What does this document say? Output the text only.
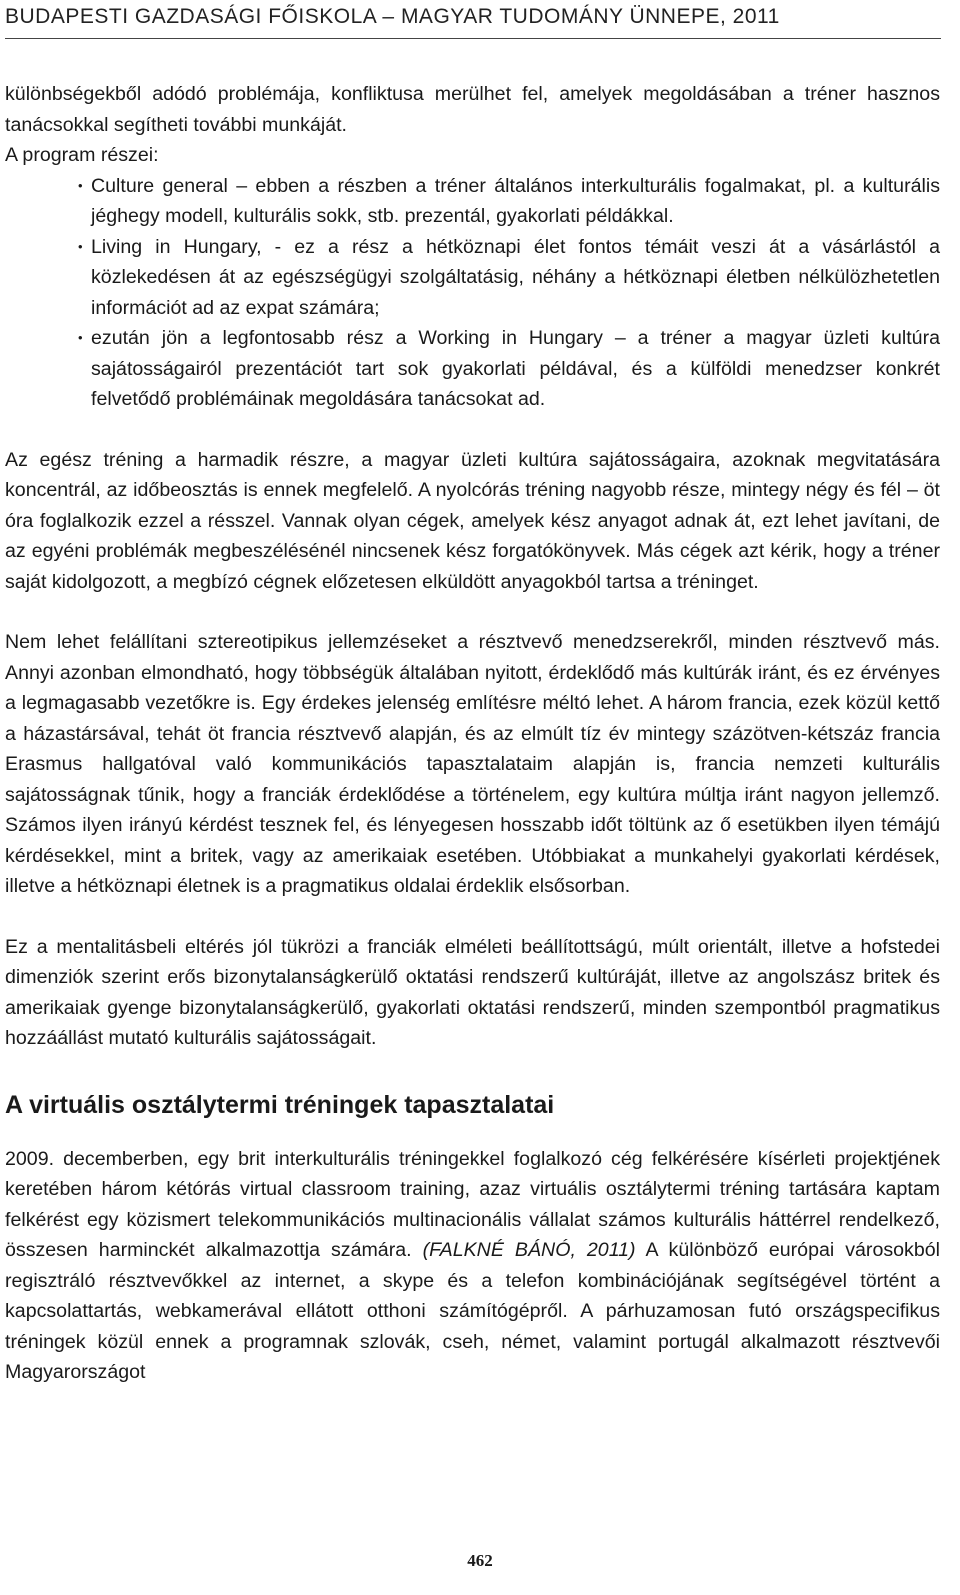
BUDAPESTI GAZDASÁGI FŐISKOLA – MAGYAR TUDOMÁNY ÜNNEPE, 2011

különbségekből adódó problémája, konfliktusa merülhet fel, amelyek megoldásában a tréner hasznos tanácsokkal segítheti további munkáját.

A program részei:

• Culture general – ebben a részben a tréner általános interkulturális fogalmakat, pl. a kulturális jéghegy modell, kulturális sokk, stb. prezentál, gyakorlati példákkal.
• Living in Hungary, - ez a rész a hétköznapi élet fontos témáit veszi át a vásárlástól a közlekedésen át az egészségügyi szolgáltatásig, néhány a hétköznapi életben nélkülözhetetlen információt ad az expat számára;
• ezután jön a legfontosabb rész a Working in Hungary – a tréner a magyar üzleti kultúra sajátosságairól prezentációt tart sok gyakorlati példával, és a külföldi menedzser konkrét felvetődő problémáinak megoldására tanácsokat ad.

Az egész tréning a harmadik részre, a magyar üzleti kultúra sajátosságaira, azoknak megvitatására koncentrál, az időbeosztás is ennek megfelelő. A nyolcórás tréning nagyobb része, mintegy négy és fél – öt óra foglalkozik ezzel a résszel. Vannak olyan cégek, amelyek kész anyagot adnak át, ezt lehet javítani, de az egyéni problémák megbeszélésénél nincsenek kész forgatókönyvek. Más cégek azt kérik, hogy a tréner saját kidolgozott, a megbízó cégnek előzetesen elküldött anyagokból tartsa a tréninget.

Nem lehet felállítani sztereotipikus jellemzéseket a résztvevő menedzserekről, minden résztvevő más. Annyi azonban elmondható, hogy többségük általában nyitott, érdeklődő más kultúrák iránt, és ez érvényes a legmagasabb vezetőkre is. Egy érdekes jelenség említésre méltó lehet. A három francia, ezek közül kettő a házastársával, tehát öt francia résztvevő alapján, és az elmúlt tíz év mintegy százötven-kétszáz francia Erasmus hallgatóval való kommunikációs tapasztalataim alapján is, francia nemzeti kulturális sajátosságnak tűnik, hogy a franciák érdeklődése a történelem, egy kultúra múltja iránt nagyon jellemző. Számos ilyen irányú kérdést tesznek fel, és lényegesen hosszabb időt töltünk az ő esetükben ilyen témájú kérdésekkel, mint a britek, vagy az amerikaiak esetében. Utóbbiakat a munkahelyi gyakorlati kérdések, illetve a hétköznapi életnek is a pragmatikus oldalai érdeklik elsősorban.

Ez a mentalitásbeli eltérés jól tükrözi a franciák elméleti beállítottságú, múlt orientált, illetve a hofstedei dimenziók szerint erős bizonytalanságkerülő oktatási rendszerű kultúráját, illetve az angolszász britek és amerikaiak gyenge bizonytalanságkerülő, gyakorlati oktatási rendszerű, minden szempontból pragmatikus hozzáállást mutató kulturális sajátosságait.

A virtuális osztálytermi tréningek tapasztalatai

2009. decemberben, egy brit interkulturális tréningekkel foglalkozó cég felkérésére kísérleti projektjének keretében három kétórás virtual classroom training, azaz virtuális osztálytermi tréning tartására kaptam felkérést egy közismert telekommunikációs multinacionális vállalat számos kulturális háttérrel rendelkező, összesen harminckét alkalmazottja számára. (FALKNÉ BÁNÓ, 2011) A különböző európai városokból regisztráló résztvevőkkel az internet, a skype és a telefon kombinációjának segítségével történt a kapcsolattartás, webkamerával ellátott otthoni számítógépről. A párhuzamosan futó országspecifikus tréningek közül ennek a programnak szlovák, cseh, német, valamint portugál alkalmazott résztvevői Magyarországot

462
